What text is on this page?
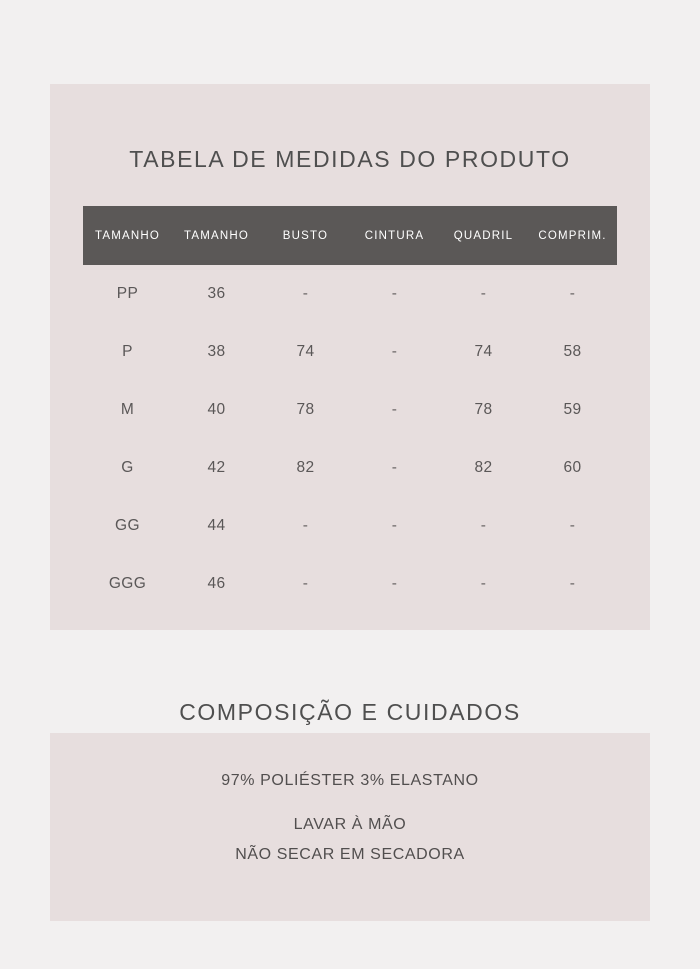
TABELA DE MEDIDAS DO PRODUTO
TAMANHO	TAMANHO	BUSTO	CINTURA	QUADRIL	COMPRIM.
PP	36	-	-	-	-
P	38	74	-	74	58
M	40	78	-	78	59
G	42	82	-	82	60
GG	44	-	-	-	-
GGG	46	-	-	-	-
COMPOSIÇÃO E CUIDADOS
97% POLIÉSTER 3% ELASTANO
LAVAR À MÃO
NÃO SECAR EM SECADORA
